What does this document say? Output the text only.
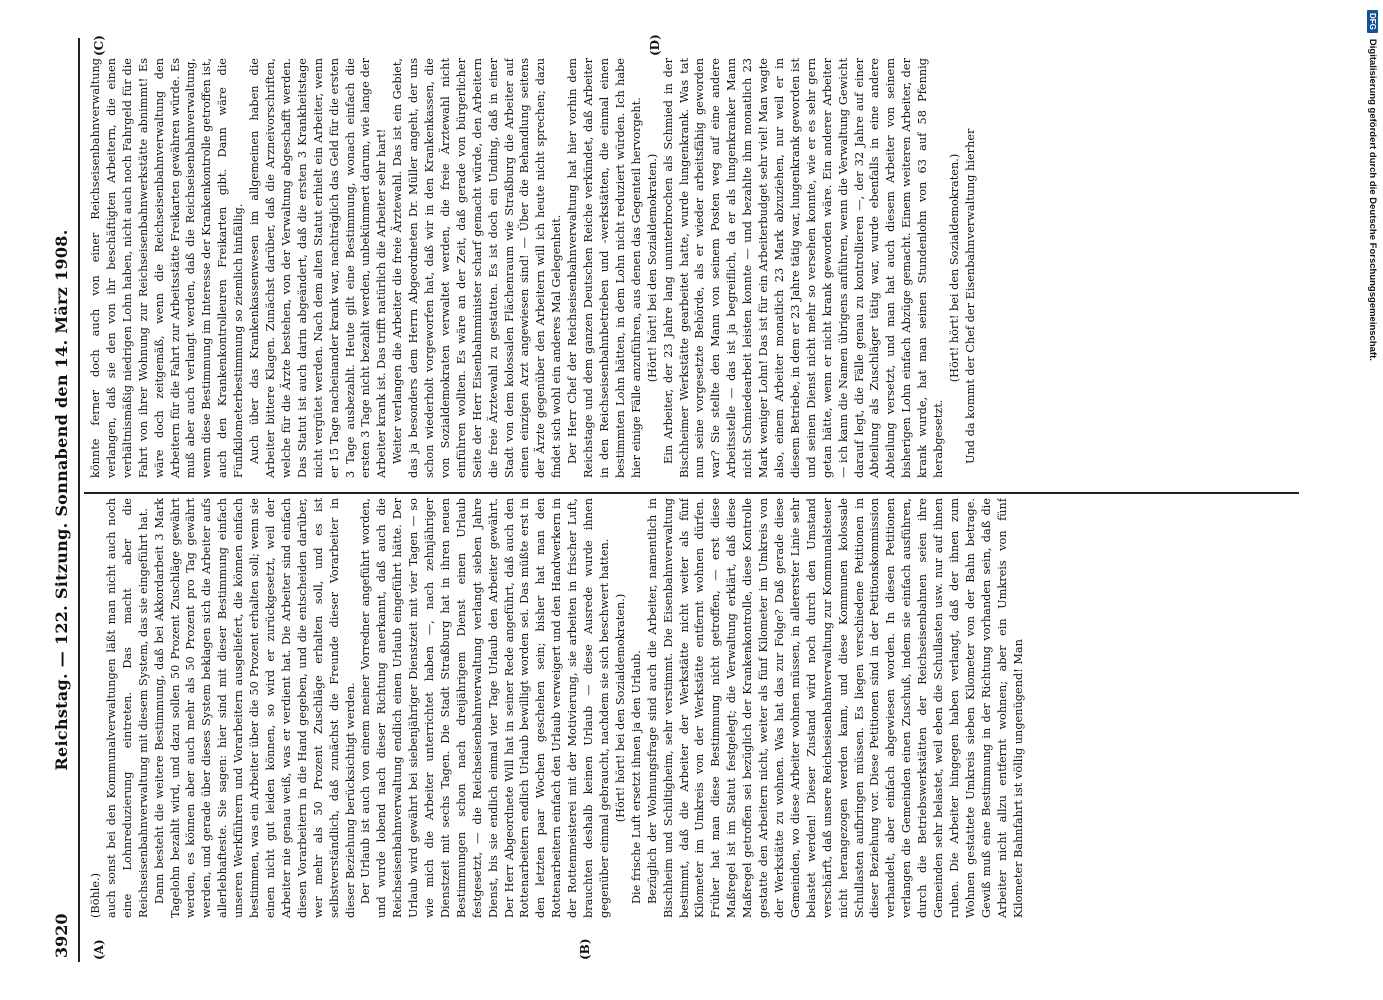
3920
Reichstag. — 122. Sitzung. Sonnabend den 14. März 1908.
(A)	(B)
(C)	(D)

(Böhle.) auch sonst bei den Kommunalverwaltungen läßt man nicht auch noch eine Lohnreduzierung eintreten. Das macht aber die Reichseisenbahnverwaltung mit diesem System, das sie eingeführt hat. Dann besteht die weitere Bestimmung, daß bei Akkordarbeit 3 Mark Tagelohn bezahlt wird, und dazu sollen 50 Prozent Zuschläge gewährt werden, es können aber auch mehr als 50 Prozent pro Tag gewährt werden, und gerade über dieses System beklagen sich die Arbeiter aufs allerlebhafteste. Sie sagen: hier sind mit dieser Bestimmung einfach unseren Werkführern und Vorarbeitern ausgeliefert, die können einfach bestimmen, was ein Arbeiter über die 50 Prozent erhalten soll; wenn sie einen nicht gut leiden können, so wird er zurückgesetzt, weil der Arbeiter nie genau weiß, was er verdient hat. Die Arbeiter sind einfach diesen Vorarbeitern in die Hand gegeben, und die entscheiden darüber, wer mehr als 50 Prozent Zuschläge erhalten soll, und es ist selbstverständlich, daß zunächst die Freunde dieser Vorarbeiter in dieser Beziehung berücksichtigt werden. Der Urlaub ist auch von einem meiner Vorredner angeführt worden, und wurde lobend nach dieser Richtung anerkannt, daß auch die Reichseisenbahnverwaltung endlich einen Urlaub eingeführt hätte. Der Urlaub wird gewährt bei siebenjähriger Dienstzeit mit vier Tagen — so wie mich die Arbeiter unterrichtet haben —, nach zehnjähriger Dienstzeit mit sechs Tagen. Die Stadt Straßburg hat in ihren neuen Bestimmungen schon nach dreijährigem Dienst einen Urlaub festgesetzt, — die Reichseisenbahnverwaltung verlangt sieben Jahre Dienst, bis sie endlich einmal vier Tage Urlaub den Arbeiter gewährt. Der Herr Abgeordnete Will hat in seiner Rede angeführt, daß auch den Rottenarbeitern endlich Urlaub bewilligt worden sei. Das müßte erst in den letzten paar Wochen geschehen sein; bisher hat man den Rottenarbeitern einfach den Urlaub verweigert und den Handwerkern in der Rottenmeisterei mit der Motivierung, sie arbeiten in frischer Luft, brauchten deshalb keinen Urlaub — diese Ausrede wurde ihnen gegenüber einmal gebraucht, nachdem sie sich beschwert hatten. (Hört! hört! bei den Sozialdemokraten.) Die frische Luft ersetzt ihnen ja den Urlaub. Bezüglich der Wohnungsfrage sind auch die Arbeiter, namentlich in Bischheim und Schiltigheim, sehr verstimmt. Die Eisenbahnverwaltung bestimmt, daß die Arbeiter der Werkstätte nicht weiter als fünf Kilometer im Umkreis von der Werkstätte entfernt wohnen dürfen. Früher hat man diese Bestimmung nicht getroffen, — erst diese Maßregel ist im Statut festgelegt; die Verwaltung erklärt, daß diese Maßregel getroffen sei bezüglich der Krankenkontrolle, diese Kontrolle gestatte den Arbeitern nicht, weiter als fünf Kilometer im Umkreis von der Werkstätte zu wohnen. Was hat das zur Folge? Daß gerade diese Gemeinden, wo diese Arbeiter wohnen müssen, in allererster Linie sehr belastet werden! Dieser Zustand wird noch durch den Umstand verschärft, daß unsere Reichseisenbahnverwaltung zur Kommunalsteuer nicht herangezogen werden kann, und diese Kommunen kolossale Schullasten aufbringen müssen. Es liegen verschiedene Petitionen in dieser Beziehung vor. Diese Petitionen sind in der Petitionskommission verhandelt, aber einfach abgewiesen worden. In diesen Petitionen verlangen die Gemeinden einen Zuschuß, indem sie einfach ausführen, durch die Betriebswerkstätten der Reichseisenbahnen seien ihre Gemeinden sehr belastet, weil eben die Schullasten usw. nur auf ihnen ruhen. Die Arbeiter hingegen haben verlangt, daß der ihnen zum Wohnen gestattete Umkreis sieben Kilometer von der Bahn betrage. Gewiß muß eine Bestimmung in der Richtung vorhanden sein, daß die Arbeiter nicht allzu entfernt wohnen; aber ein Umkreis von fünf Kilometer Bahnfahrt ist völlig ungenügend! Man

könnte ferner doch auch von einer Reichseisenbahnverwaltung verlangen, daß sie den von ihr beschäftigten Arbeitern, die einen verhältnismäßig niedrigen Lohn haben, nicht auch noch Fahrgeld für die Fahrt von ihrer Wohnung zur Reichseisenbahnwerkstätte abnimmt! Es wäre doch zeitgemäß, wenn die Reichseisenbahnverwaltung den Arbeitern für die Fahrt zur Arbeitsstätte Freikarten gewähren würde. Es muß aber auch verlangt werden, daß die Reichseisenbahnverwaltung, wenn diese Bestimmung im Interesse der Krankenkontrolle getroffen ist, auch den Krankenkontrolleuren Freikarten gibt. Dann wäre die Fünfkilometerbestimmung so ziemlich hinfällig. Auch über das Krankenkassenwesen im allgemeinen haben die Arbeiter bittere Klagen. Zunächst darüber, daß die Arzneivorschriften, welche für die Ärzte bestehen, von der Verwaltung abgeschafft werden. Das Statut ist auch darin abgeändert, daß die ersten 3 Krankheitstage nicht vergütet werden. Nach dem alten Statut erhielt ein Arbeiter, wenn er 15 Tage nacheinander krank war, nachträglich das Geld für die ersten 3 Tage ausbezahlt. Heute gilt eine Bestimmung, wonach einfach die ersten 3 Tage nicht bezahlt werden, unbekümmert darum, wie lange der Arbeiter krank ist. Das trifft natürlich die Arbeiter sehr hart! Weiter verlangen die Arbeiter die freie Ärztewahl. Das ist ein Gebiet, das ja besonders dem Herrn Abgeordneten Dr. Müller angeht, der uns schon wiederholt vorgeworfen hat, daß wir in den Krankenkassen, die von Sozialdemokraten verwaltet werden, die freie Ärztewahl nicht einführen wollten. Es wäre an der Zeit, daß gerade von bürgerlicher Seite der Herr Eisenbahnminister scharf gemacht würde, den Arbeitern die freie Ärztewahl zu gestatten. Es ist doch ein Unding, daß in einer Stadt von dem kolossalen Flächenraum wie Straßburg die Arbeiter auf einen einzigen Arzt angewiesen sind! — Über die Behandlung seitens der Ärzte gegenüber den Arbeitern will ich heute nicht sprechen; dazu findet sich wohl ein anderes Mal Gelegenheit. Der Herr Chef der Reichseisenbahnverwaltung hat hier vorhin dem Reichstage und dem ganzen Deutschen Reiche verkündet, daß Arbeiter in den Reichseisenbahnbetrieben und -werkstätten, die einmal einen bestimmten Lohn hätten, in dem Lohn nicht reduziert würden. Ich habe hier einige Fälle anzuführen, aus denen das Gegenteil hervorgeht. (Hört! hört! bei den Sozialdemokraten.) Ein Arbeiter, der 23 Jahre lang ununterbrochen als Schmied in der Bischheimer Werkstätte gearbeitet hatte, wurde lungenkrank. Was tat nun seine vorgesetzte Behörde, als er wieder arbeitsfähig geworden war? Sie stellte den Mann von seinem Posten weg auf eine andere Arbeitsstelle — das ist ja begreiflich, da er als lungenkranker Mann nicht Schmiedearbeit leisten konnte — und bezahlte ihm monatlich 23 Mark weniger Lohn! Das ist für ein Arbeiterbudget sehr viel! Man wagte also, einem Arbeiter monatlich 23 Mark abzuziehen, nur weil er in diesem Betriebe, in dem er 23 Jahre tätig war, lungenkrank geworden ist und seinen Dienst nicht mehr so versehen konnte, wie er es sehr gern getan hätte, wenn er nicht krank geworden wäre. Ein anderer Arbeiter — ich kann die Namen übrigens anführen, wenn die Verwaltung Gewicht darauf legt, die Fälle genau zu kontrollieren —, der 32 Jahre auf einer Abteilung als Zuschläger tätig war, wurde ebenfalls in eine andere Abteilung versetzt, und man hat auch diesem Arbeiter von seinem bisherigen Lohn einfach Abzüge gemacht. Einem weiteren Arbeiter, der krank wurde, hat man seinen Stundenlohn von 63 auf 58 Pfennig herabgesetzt.

(Hört! hört! bei den Sozialdemokraten.) Und da kommt der Chef der Eisenbahnverwaltung hierher

DFGDigitalisierung gefördert durch die Deutsche Forschungsgemeinschaft.
